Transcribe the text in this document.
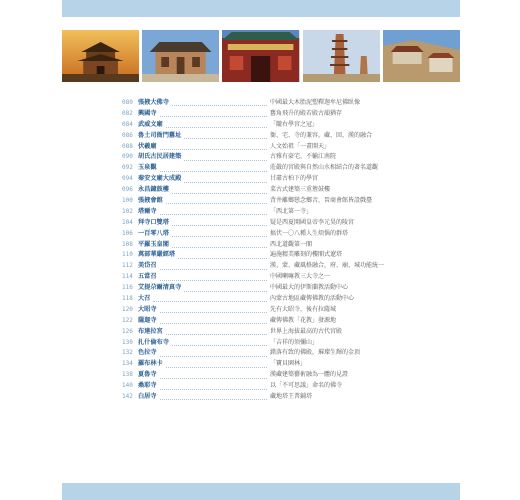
080 張掖大佛寺	中國最大木胎泥塑釋迦牟尼佛臥像
082 興國寺	舊角飛升的殿若殿古韻猶存
084 武威文廟	「隴右學宮之冠」
086 魯土司衙門舊址	衙、宅、寺的兼容，藏、回、漢的融合
088 伏羲廟	人文始祖「一畫開天」
090 胡氏古民居建築	古雅有豪宅，不輸江南院
092 玉泉觀	莊嚴的宮殿與自然山水相結合的著名道觀
094 秦安文廟大成殿	甘肅古柏下的學宮
096 永昌鐘鼓樓	菜古式建築三重簷鼓樓
100 張掖會館	背井離鄉戀念鄉音，晉商會館皆設戲臺
102 塔爾寺	「西北第一寺」
104 拜寺口雙塔	疑是西夏開國皇帝李元昊的陵宮
106 一百零八塔	搞伏一〇八種人生煩惱的群塔
108 平羅玉皇閣	西北道觀第一閣
110 萬部華嚴經塔	遍施精美雕刻的樓閣式遼塔
112 美岱召	漢、蒙、藏風格融合，府、廟、城功能統一
114 五當召	中國喇嘛教三大寺之一
116 艾提尕爾清真寺	中國最大的伊斯蘭教活動中心
118 大召	內蒙古地區藏傳佛教的活動中心
120 大昭寺	先有大昭寺，後有拉薩城
122 薩迦寺	藏傳佛教「花教」發源地
126 布達拉宮	世界上海拔最高的古代宮殿
130 扎什倫布寺	「吉祥的須彌山」
132 色拉寺	錯落有致的佛殿，璀璨生輝的金頂
134 羅布林卡	「寶貝園林」
138 夏魯寺	漢藏建築藝術融為一體的見證
140 桑耶寺	以「不可思議」命名的佛寺
142 白居寺	藏地塔王普鋪塔
